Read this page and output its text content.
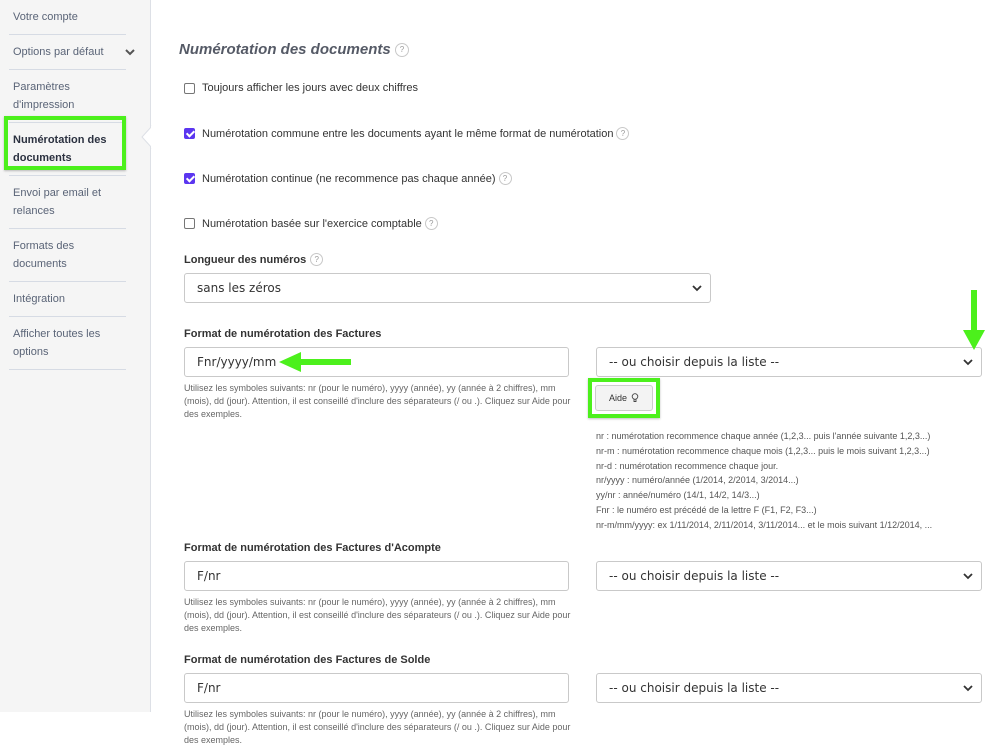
Votre compte
Options par défaut
Paramètres d'impression
Numérotation des documents
Envoi par email et relances
Formats des documents
Intégration
Afficher toutes les options
Numérotation des documents	?
Toujours afficher les jours avec deux chiffres
Numérotation commune entre les documents ayant le même format de numérotation ?
Numérotation continue (ne recommence pas chaque année) ?
Numérotation basée sur l'exercice comptable ?
Longueur des numéros	?
sans les zéros
Format de numérotation des Factures
Fnr/yyyy/mm	-- ou choisir depuis la liste --

Utilisez les symboles suivants: nr (pour le numéro), yyyy (année), yy (année à 2 chiffres), mm (mois), dd (jour). Attention, il est conseillé d'inclure des séparateurs (/ ou .). Cliquez sur Aide pour des exemples.

Aide
nr : numérotation recommence chaque année (1,2,3... puis l'année suivante 1,2,3...)
nr-m : numérotation recommence chaque mois (1,2,3... puis le mois suivant 1,2,3...)
nr-d : numérotation recommence chaque jour.
nr/yyyy : numéro/année (1/2014, 2/2014, 3/2014...)
yy/nr : année/numéro (14/1, 14/2, 14/3...)
Fnr : le numéro est précédé de la lettre F (F1, F2, F3...)
nr-m/mm/yyyy: ex 1/11/2014, 2/11/2014, 3/11/2014... et le mois suivant 1/12/2014, ...
Format de numérotation des Factures d'Acompte
F/nr	-- ou choisir depuis la liste --

Utilisez les symboles suivants: nr (pour le numéro), yyyy (année), yy (année à 2 chiffres), mm (mois), dd (jour). Attention, il est conseillé d'inclure des séparateurs (/ ou .). Cliquez sur Aide pour des exemples.

Format de numérotation des Factures de Solde
F/nr	-- ou choisir depuis la liste --

Utilisez les symboles suivants: nr (pour le numéro), yyyy (année), yy (année à 2 chiffres), mm (mois), dd (jour). Attention, il est conseillé d'inclure des séparateurs (/ ou .). Cliquez sur Aide pour des exemples.
